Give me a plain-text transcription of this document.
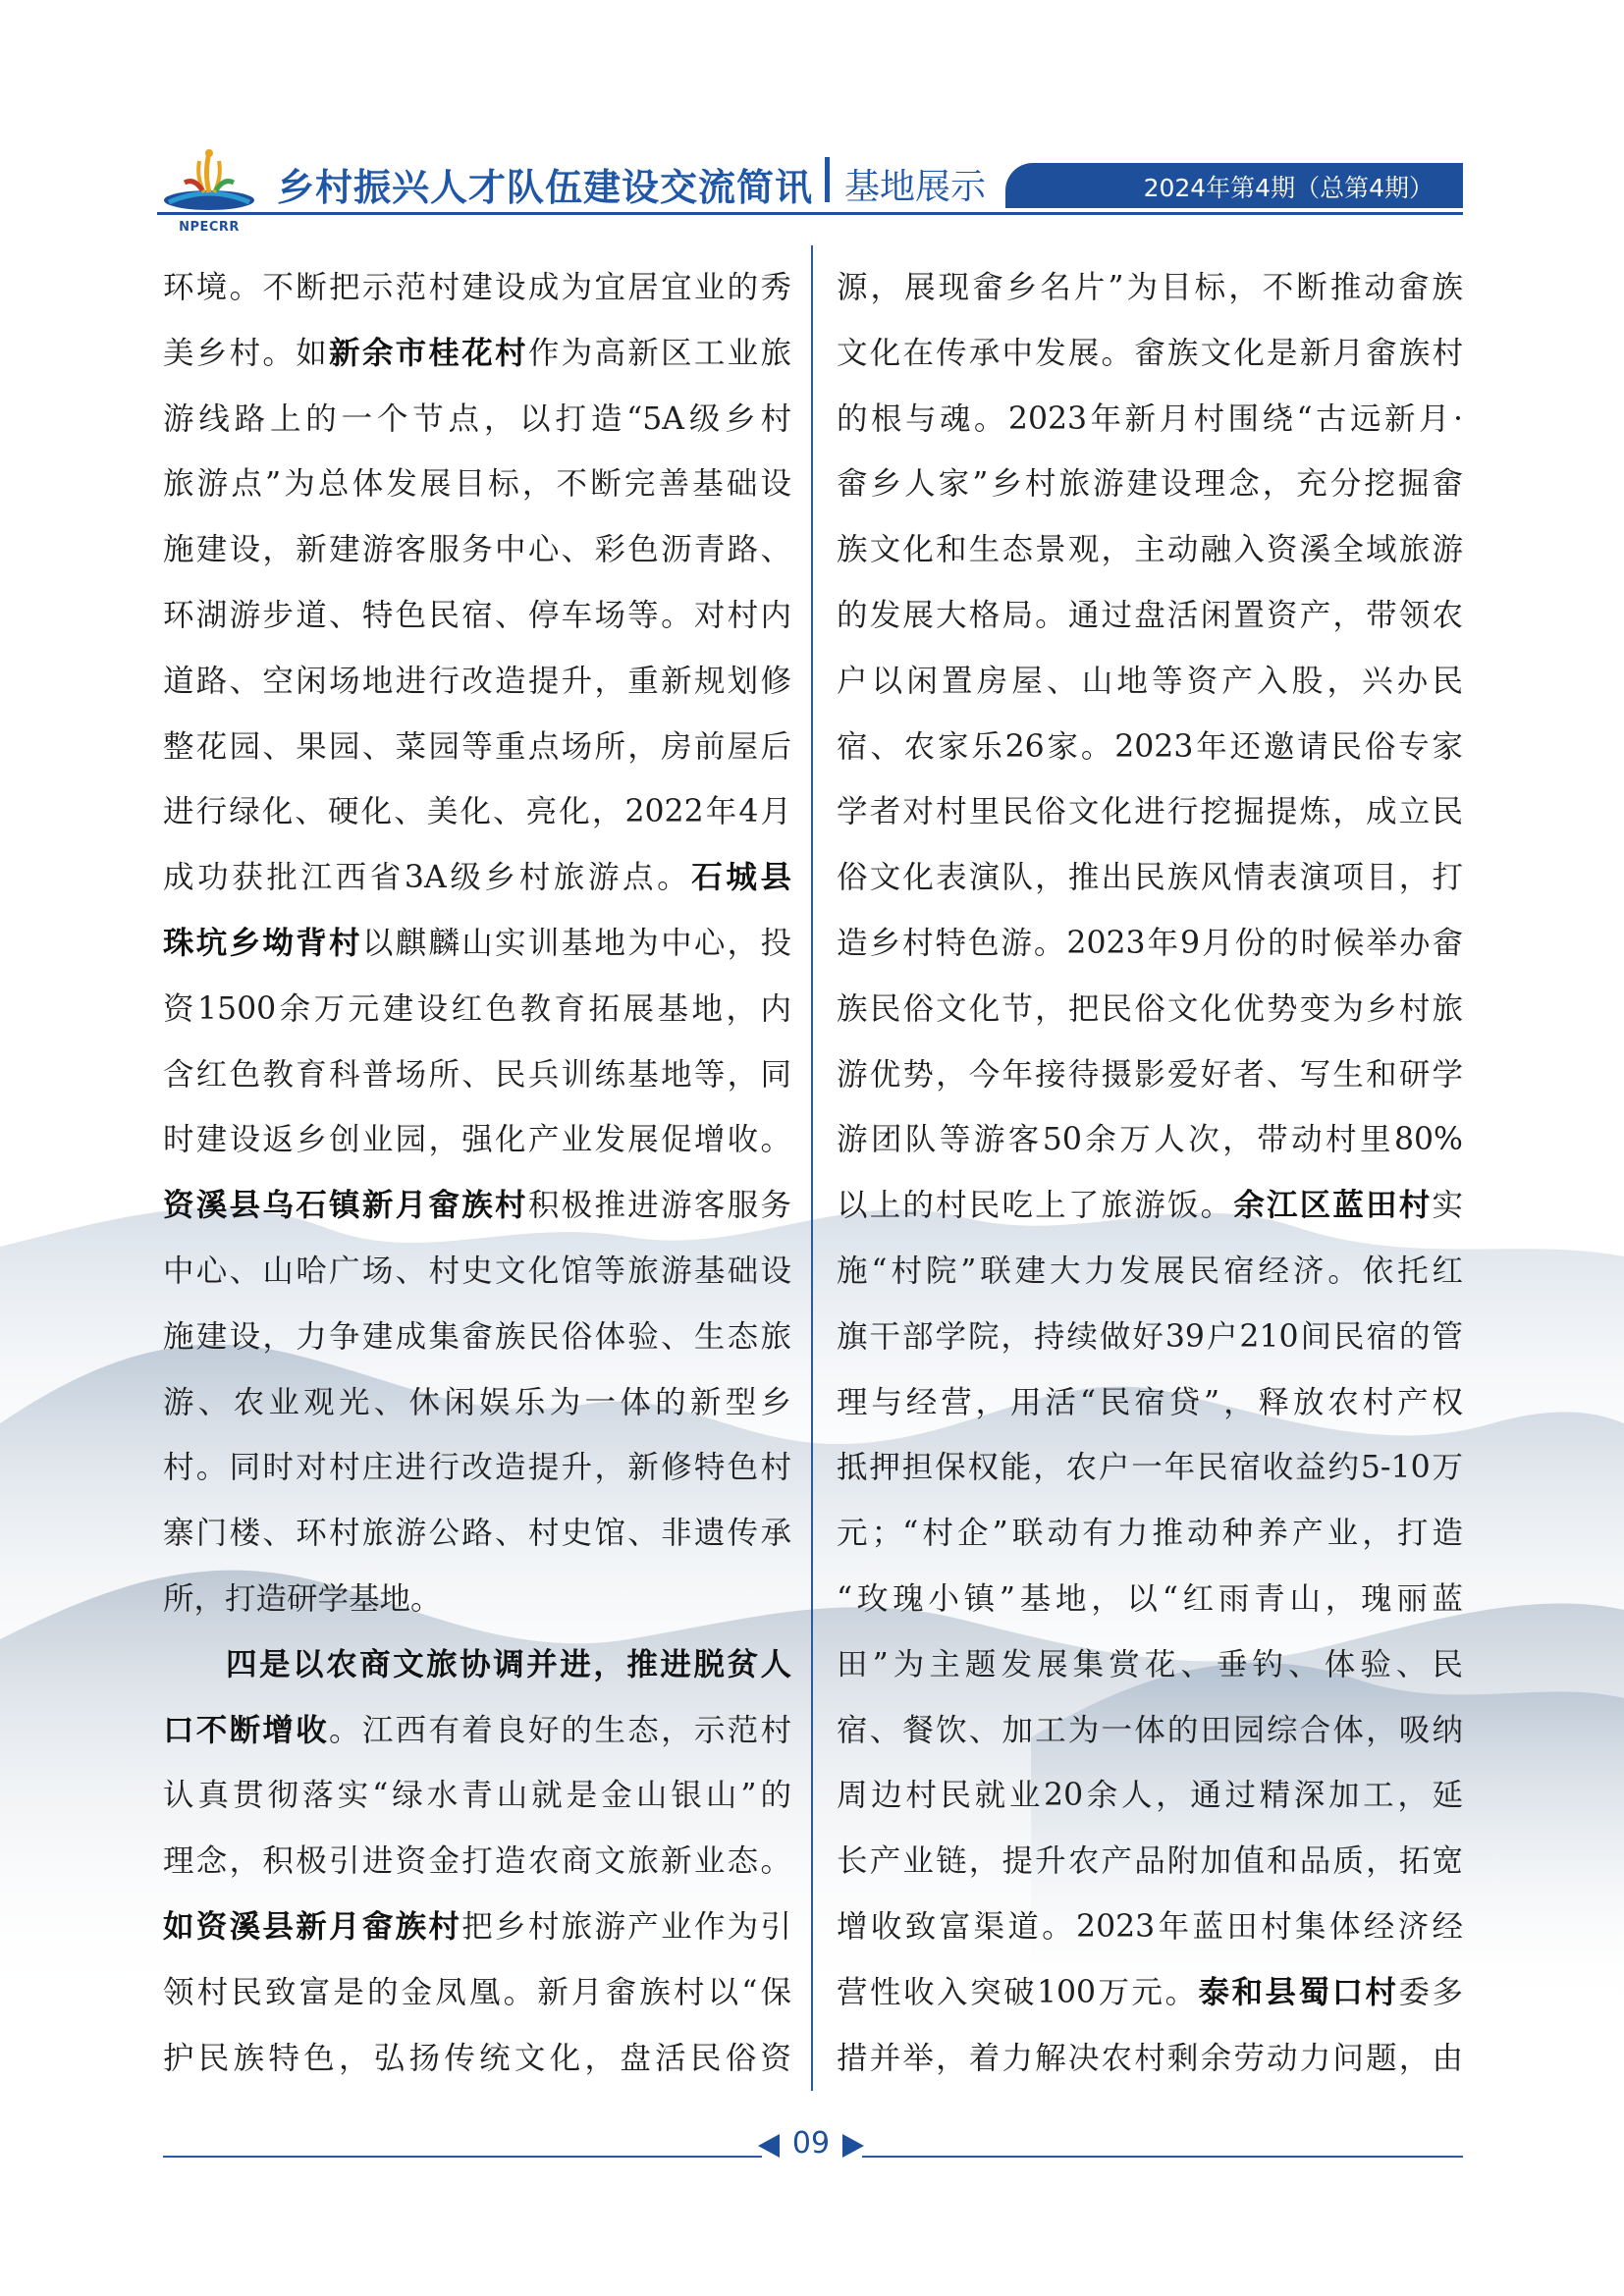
NPECRR
乡村振兴人才队伍建设交流简讯 基地展示	2024年第4期（总第4期）
环境。不断把示范村建设成为宜居宜业的秀
美乡村。如新余市桂花村作为高新区工业旅
游线路上的一个节点，以打造“5A级乡村
旅游点”为总体发展目标，不断完善基础设
施建设，新建游客服务中心、彩色沥青路、
环湖游步道、特色民宿、停车场等。对村内
道路、空闲场地进行改造提升，重新规划修
整花园、果园、菜园等重点场所，房前屋后
进行绿化、硬化、美化、亮化，2022年4月
成功获批江西省3A级乡村旅游点。石城县
珠坑乡坳背村以麒麟山实训基地为中心，投
资1500余万元建设红色教育拓展基地，内
含红色教育科普场所、民兵训练基地等，同
时建设返乡创业园，强化产业发展促增收。
资溪县乌石镇新月畲族村积极推进游客服务
中心、山哈广场、村史文化馆等旅游基础设
施建设，力争建成集畲族民俗体验、生态旅
游、农业观光、休闲娱乐为一体的新型乡
村。同时对村庄进行改造提升，新修特色村
寨门楼、环村旅游公路、村史馆、非遗传承
所，打造研学基地。
四是以农商文旅协调并进，推进脱贫人
口不断增收。江西有着良好的生态，示范村
认真贯彻落实“绿水青山就是金山银山”的
理念，积极引进资金打造农商文旅新业态。
如资溪县新月畲族村把乡村旅游产业作为引
领村民致富是的金凤凰。新月畲族村以“保
护民族特色，弘扬传统文化，盘活民俗资
源，展现畲乡名片”为目标，不断推动畲族
文化在传承中发展。畲族文化是新月畲族村
的根与魂。2023年新月村围绕“古远新月·
畲乡人家”乡村旅游建设理念，充分挖掘畲
族文化和生态景观，主动融入资溪全域旅游
的发展大格局。通过盘活闲置资产，带领农
户以闲置房屋、山地等资产入股，兴办民
宿、农家乐26家。2023年还邀请民俗专家
学者对村里民俗文化进行挖掘提炼，成立民
俗文化表演队，推出民族风情表演项目，打
造乡村特色游。2023年9月份的时候举办畲
族民俗文化节，把民俗文化优势变为乡村旅
游优势，今年接待摄影爱好者、写生和研学
游团队等游客50余万人次，带动村里80%
以上的村民吃上了旅游饭。余江区蓝田村实
施“村院”联建大力发展民宿经济。依托红
旗干部学院，持续做好39户210间民宿的管
理与经营，用活“民宿贷”，释放农村产权
抵押担保权能，农户一年民宿收益约5-10万
元；“村企”联动有力推动种养产业，打造
“玫瑰小镇”基地，以“红雨青山，瑰丽蓝
田”为主题发展集赏花、垂钓、体验、民
宿、餐饮、加工为一体的田园综合体，吸纳
周边村民就业20余人，通过精深加工，延
长产业链，提升农产品附加值和品质，拓宽
增收致富渠道。2023年蓝田村集体经济经
营性收入突破100万元。泰和县蜀口村委多
措并举，着力解决农村剩余劳动力问题，由
09
